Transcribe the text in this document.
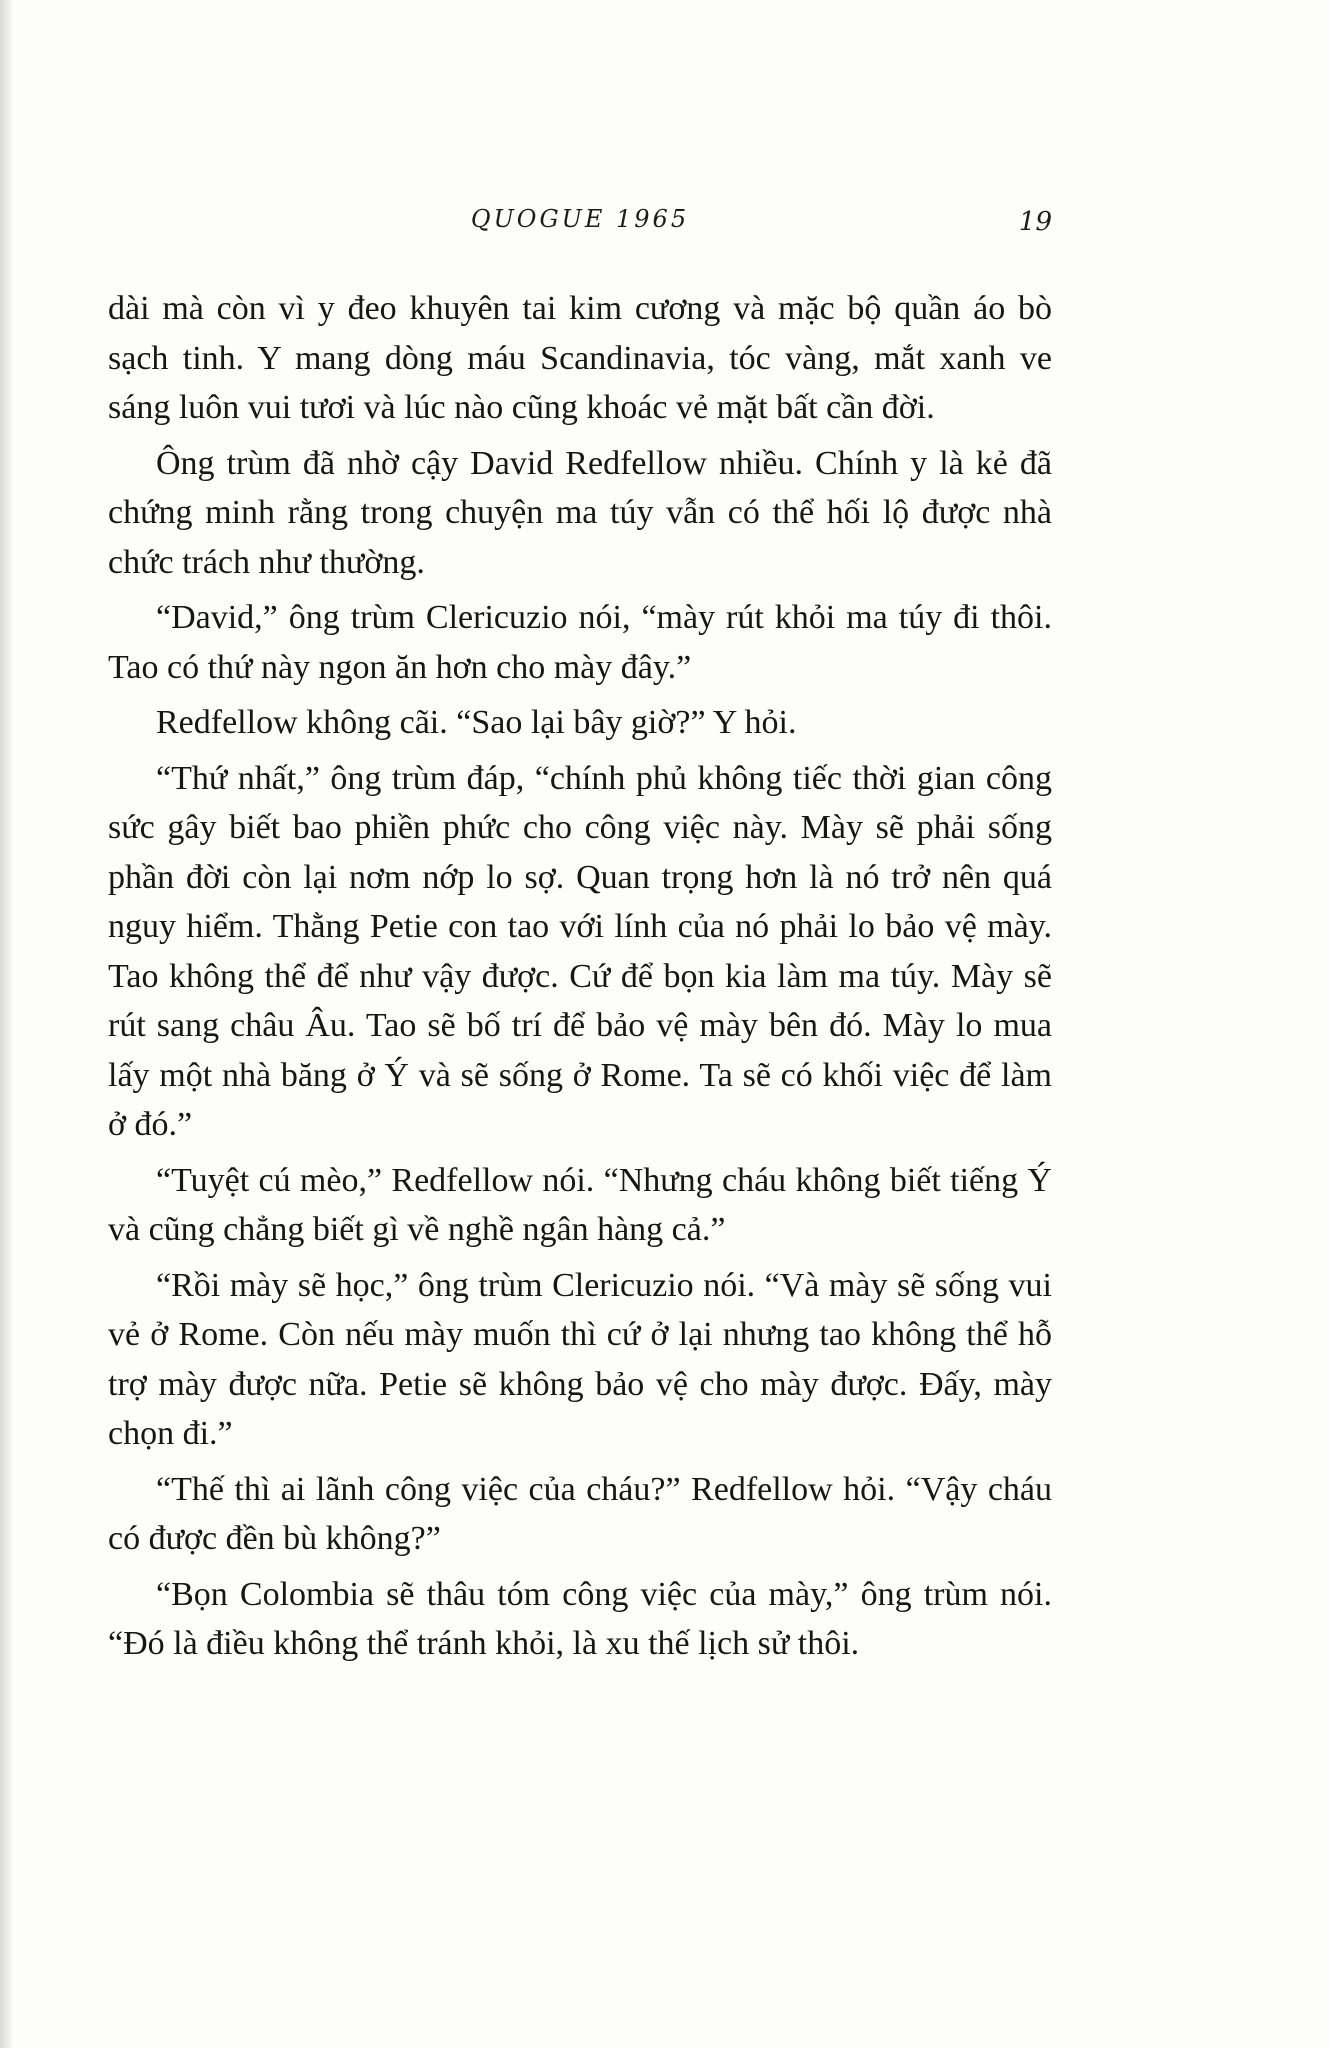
QUOGUE 1965	19

dài mà còn vì y đeo khuyên tai kim cương và mặc bộ quần áo bò sạch tinh. Y mang dòng máu Scandinavia, tóc vàng, mắt xanh ve sáng luôn vui tươi và lúc nào cũng khoác vẻ mặt bất cần đời.

Ông trùm đã nhờ cậy David Redfellow nhiều. Chính y là kẻ đã chứng minh rằng trong chuyện ma túy vẫn có thể hối lộ được nhà chức trách như thường.

“David,” ông trùm Clericuzio nói, “mày rút khỏi ma túy đi thôi. Tao có thứ này ngon ăn hơn cho mày đây.”

Redfellow không cãi. “Sao lại bây giờ?” Y hỏi.

“Thứ nhất,” ông trùm đáp, “chính phủ không tiếc thời gian công sức gây biết bao phiền phức cho công việc này. Mày sẽ phải sống phần đời còn lại nơm nớp lo sợ. Quan trọng hơn là nó trở nên quá nguy hiểm. Thằng Petie con tao với lính của nó phải lo bảo vệ mày. Tao không thể để như vậy được. Cứ để bọn kia làm ma túy. Mày sẽ rút sang châu Âu. Tao sẽ bố trí để bảo vệ mày bên đó. Mày lo mua lấy một nhà băng ở Ý và sẽ sống ở Rome. Ta sẽ có khối việc để làm ở đó.”

“Tuyệt cú mèo,” Redfellow nói. “Nhưng cháu không biết tiếng Ý và cũng chẳng biết gì về nghề ngân hàng cả.”

“Rồi mày sẽ học,” ông trùm Clericuzio nói. “Và mày sẽ sống vui vẻ ở Rome. Còn nếu mày muốn thì cứ ở lại nhưng tao không thể hỗ trợ mày được nữa. Petie sẽ không bảo vệ cho mày được. Đấy, mày chọn đi.”

“Thế thì ai lãnh công việc của cháu?” Redfellow hỏi. “Vậy cháu có được đền bù không?”

“Bọn Colombia sẽ thâu tóm công việc của mày,” ông trùm nói. “Đó là điều không thể tránh khỏi, là xu thế lịch sử thôi.
